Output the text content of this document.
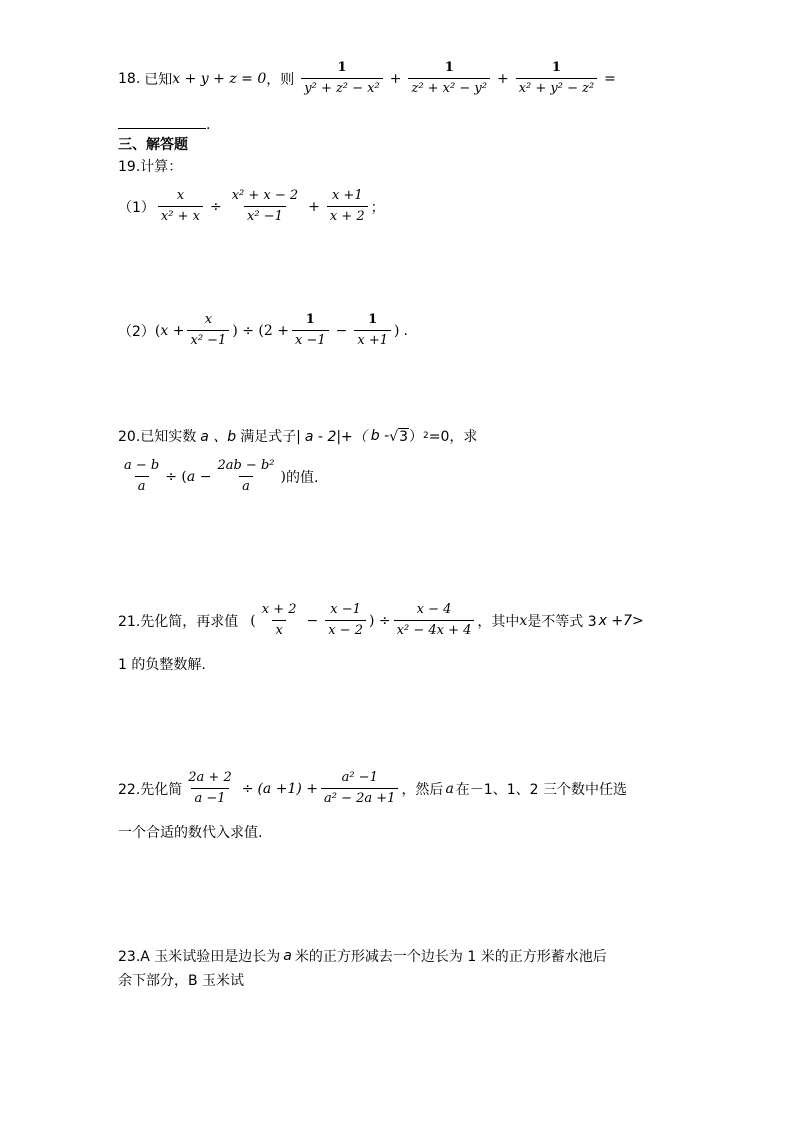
18. 已知 x + y + z = 0 ，则 $\frac{1}{\text{y² + z² − x²}} + \frac{1}{\text{z² + x² − y²}} + \frac{1}{\text{x² + y² − z²}}$ =
.
三、解答题
19.计算：
$(1) \frac{x}{\text{x² + x}} \div \frac{\text{x² + x − 2}}{\text{x² −1}} + \frac{x +1}{x + 2}$ ；
（2） ($x + \frac{x}{\text{x² −1}}$ ) ÷ ($2 + \frac{1}{x -1} - \frac{1}{x +1}$ ) .
20.已知实数 a 、b 满足式子| a - 2|+（ b - √ 3 ） 2 =0，求
$\frac{a - b}{a} \div (a - \frac{\text{2ab − b²}}{a}$ ) 的值.
21.先化简，再求值 ( $\frac{x + 2}{x} - \frac{x -1}{x - 2}$ ) ÷ $\frac{x - 4}{\text{x² − 4x + 4}}$ ，其中 x 是不等式 3 x +7>
1 的负整数解.
22.先化简 $\frac{2a + 2}{a -1} \div (a +1) + \frac{\text{a² −1}}{\text{a² − 2a +1}}$ ，然后 a 在－1、1、2 三个数中任选
一个合适的数代入求值.
23.A 玉米试验田是边长为 a 米的正方形减去一个边长为 1 米的正方形蓄水池后
余下部分，B 玉米试
